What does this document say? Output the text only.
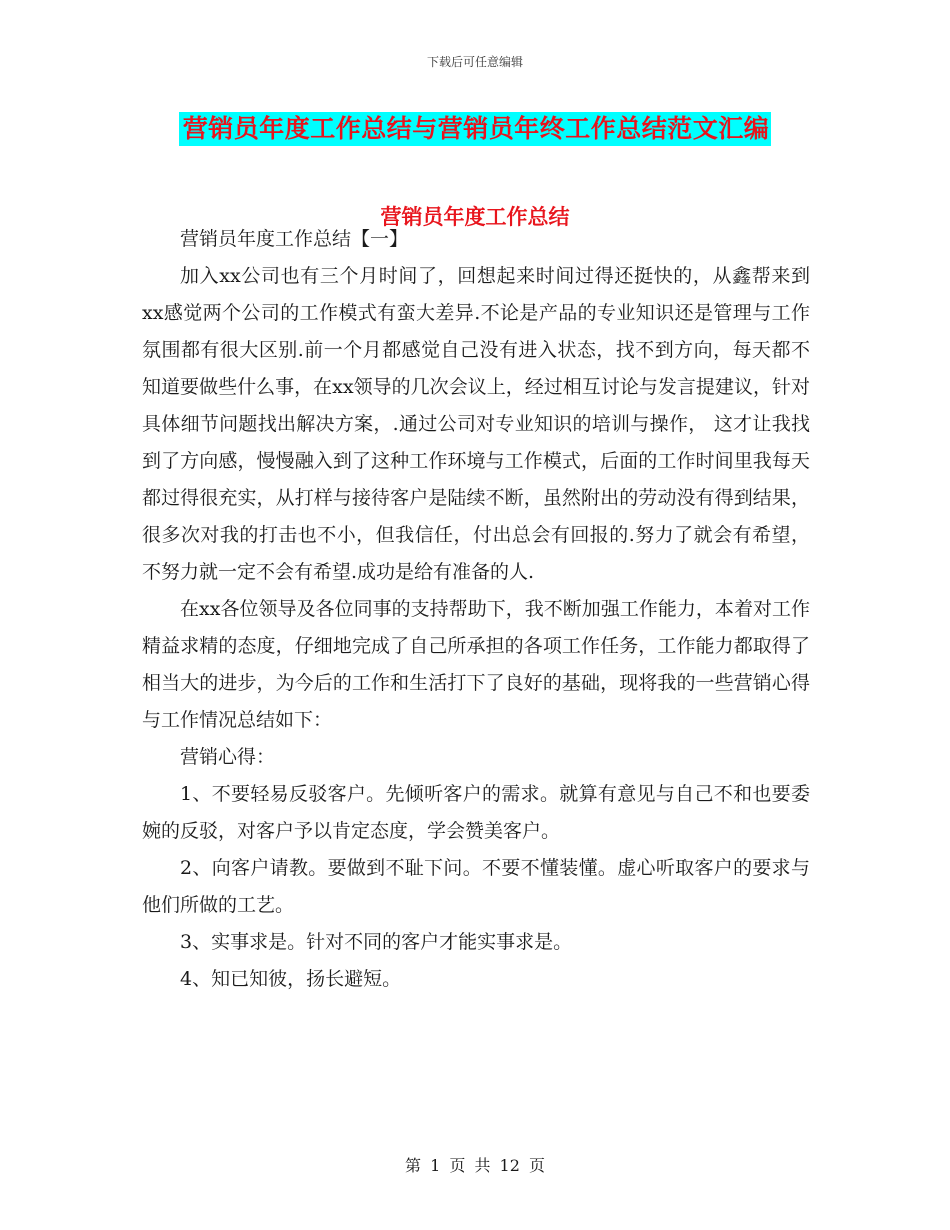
下载后可任意编辑
营销员年度工作总结与营销员年终工作总结范文汇编
营销员年度工作总结

营销员年度工作总结【一】

加入xx公司也有三个月时间了，回想起来时间过得还挺快的，从鑫帮来到xx感觉两个公司的工作模式有蛮大差异.不论是产品的专业知识还是管理与工作氛围都有很大区别.前一个月都感觉自己没有进入状态，找不到方向，每天都不知道要做些什么事，在xx领导的几次会议上，经过相互讨论与发言提建议，针对具体细节问题找出解决方案，.通过公司对专业知识的培训与操作， 这才让我找到了方向感，慢慢融入到了这种工作环境与工作模式，后面的工作时间里我每天都过得很充实，从打样与接待客户是陆续不断，虽然附出的劳动没有得到结果，很多次对我的打击也不小，但我信任，付出总会有回报的.努力了就会有希望，不努力就一定不会有希望.成功是给有准备的人.

在xx各位领导及各位同事的支持帮助下，我不断加强工作能力，本着对工作精益求精的态度，仔细地完成了自己所承担的各项工作任务，工作能力都取得了相当大的进步，为今后的工作和生活打下了良好的基础，现将我的一些营销心得与工作情况总结如下：

营销心得：

1、不要轻易反驳客户。先倾听客户的需求。就算有意见与自己不和也要委婉的反驳，对客户予以肯定态度，学会赞美客户。

2、向客户请教。要做到不耻下问。不要不懂装懂。虚心听取客户的要求与他们所做的工艺。

3、实事求是。针对不同的客户才能实事求是。

4、知已知彼，扬长避短。

第 1 页 共 12 页
